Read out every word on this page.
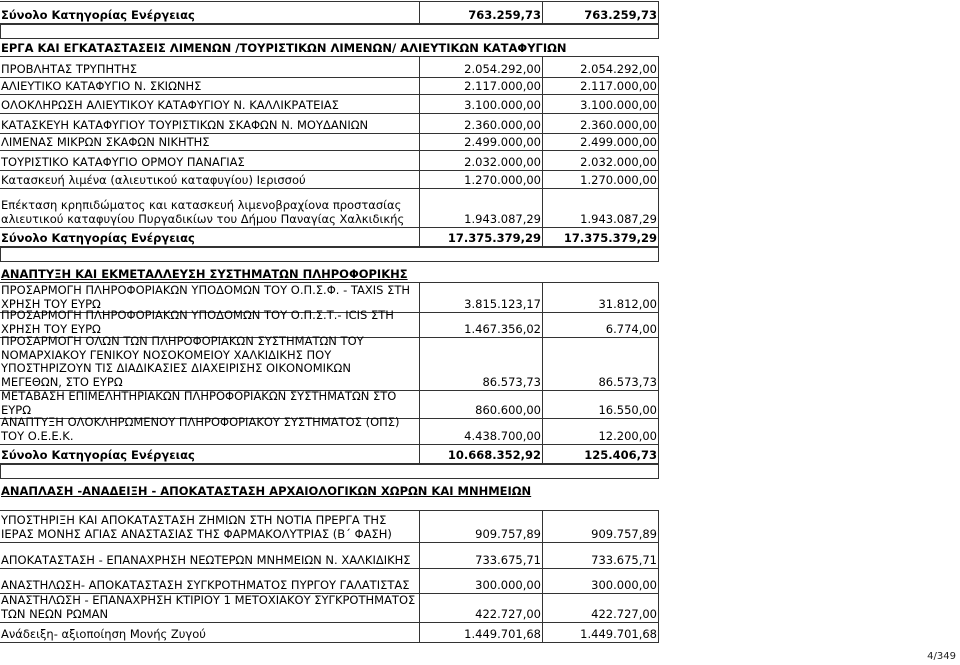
Σύνολο Κατηγορίας Ενέργειας	763.259,73	763.259,73
ΕΡΓΑ ΚΑΙ ΕΓΚΑΤΑΣΤΑΣΕΙΣ ΛΙΜΕΝΩΝ /ΤΟΥΡΙΣΤΙΚΩΝ ΛΙΜΕΝΩΝ/ ΑΛΙΕΥΤΙΚΩΝ ΚΑΤΑΦΥΓΙΩΝ
ΠΡΟΒΛΗΤΑΣ ΤΡΥΠΗΤΗΣ	2.054.292,00	2.054.292,00
ΑΛΙΕΥΤΙΚΟ ΚΑΤΑΦΥΓΙΟ Ν. ΣΚΙΩΝΗΣ	2.117.000,00	2.117.000,00
ΟΛΟΚΛΗΡΩΣΗ ΑΛΙΕΥΤΙΚΟΥ ΚΑΤΑΦΥΓΙΟΥ Ν. ΚΑΛΛΙΚΡΑΤΕΙΑΣ	3.100.000,00	3.100.000,00
ΚΑΤΑΣΚΕΥΗ ΚΑΤΑΦΥΓΙΟΥ ΤΟΥΡΙΣΤΙΚΩΝ ΣΚΑΦΩΝ Ν. ΜΟΥΔΑΝΙΩΝ	2.360.000,00	2.360.000,00
ΛΙΜΕΝΑΣ ΜΙΚΡΩΝ ΣΚΑΦΩΝ ΝΙΚΗΤΗΣ	2.499.000,00	2.499.000,00
ΤΟΥΡΙΣΤΙΚΟ ΚΑΤΑΦΥΓΙΟ ΟΡΜΟΥ ΠΑΝΑΓΙΑΣ	2.032.000,00	2.032.000,00
Κατασκευή λιμένα (αλιευτικού καταφυγίου) Ιερισσού	1.270.000,00	1.270.000,00
Επέκταση κρηπιδώματος και κατασκευή λιμενοβραχίονα προστασίας
αλιευτικού καταφυγίου Πυργαδικίων του Δήμου Παναγίας Χαλκιδικής	1.943.087,29	1.943.087,29
Σύνολο Κατηγορίας Ενέργειας	17.375.379,29 17.375.379,29
ΑΝΑΠΤΥΞΗ ΚΑΙ ΕΚΜΕΤΑΛΛΕΥΣΗ ΣΥΣΤΗΜΑΤΩΝ ΠΛΗΡΟΦΟΡΙΚΗΣ
ΠΡΟΣΑΡΜΟΓΗ ΠΛΗΡΟΦΟΡΙΑΚΩΝ ΥΠΟΔΟΜΩΝ ΤΟΥ Ο.Π.Σ.Φ. - TAXIS ΣΤΗ
ΧΡΗΣΗ ΤΟΥ ΕΥΡΩ	3.815.123,17	31.812,00
ΠΡΟΣΑΡΜΟΓΗ ΠΛΗΡΟΦΟΡΙΑΚΩΝ ΥΠΟΔΟΜΩΝ ΤΟΥ Ο.Π.Σ.Τ.- ICIS ΣΤΗ
ΧΡΗΣΗ ΤΟΥ ΕΥΡΩ	1.467.356,02	6.774,00
ΠΡΟΣΑΡΜΟΓΗ ΟΛΩΝ ΤΩΝ ΠΛΗΡΟΦΟΡΙΑΚΩΝ ΣΥΣΤΗΜΑΤΩΝ ΤΟΥ
ΝΟΜΑΡΧΙΑΚΟΥ ΓΕΝΙΚΟΥ ΝΟΣΟΚΟΜΕΙΟΥ ΧΑΛΚΙΔΙΚΗΣ ΠΟΥ
ΥΠΟΣΤΗΡΙΖΟΥΝ ΤΙΣ ΔΙΑΔΙΚΑΣΙΕΣ ΔΙΑΧΕΙΡΙΣΗΣ ΟΙΚΟΝΟΜΙΚΩΝ
ΜΕΓΕΘΩΝ, ΣΤΟ ΕΥΡΩ	86.573,73	86.573,73
ΜΕΤΑΒΑΣΗ ΕΠΙΜΕΛΗΤΗΡΙΑΚΩΝ ΠΛΗΡΟΦΟΡΙΑΚΩΝ ΣΥΣΤΗΜΑΤΩΝ ΣΤΟ
ΕΥΡΩ	860.600,00	16.550,00
ΑΝΑΠΤΥΞΗ ΟΛΟΚΛΗΡΩΜΕΝΟΥ ΠΛΗΡΟΦΟΡΙΑΚΟΥ ΣΥΣΤΗΜΑΤΟΣ (ΟΠΣ)
ΤΟΥ Ο.Ε.Ε.Κ.	4.438.700,00	12.200,00
Σύνολο Κατηγορίας Ενέργειας	10.668.352,92	125.406,73
ΑΝΑΠΛΑΣΗ -ΑΝΑΔΕΙΞΗ - ΑΠΟΚΑΤΑΣΤΑΣΗ ΑΡΧΑΙΟΛΟΓΙΚΩΝ ΧΩΡΩΝ ΚΑΙ ΜΝΗΜΕΙΩΝ
ΥΠΟΣΤΗΡΙΞΗ ΚΑΙ ΑΠΟΚΑΤΑΣΤΑΣΗ ΖΗΜΙΩΝ ΣΤΗ ΝΟΤΙΑ ΠΡΕΡΓΑ ΤΗΣ
ΙΕΡΑΣ ΜΟΝΗΣ ΑΓΙΑΣ ΑΝΑΣΤΑΣΙΑΣ ΤΗΣ ΦΑΡΜΑΚΟΛΥΤΡΙΑΣ (Β΄ ΦΑΣΗ)	909.757,89	909.757,89
ΑΠΟΚΑΤΑΣΤΑΣΗ - ΕΠΑΝΑΧΡΗΣΗ ΝΕΩΤΕΡΩΝ ΜΝΗΜΕΙΩΝ Ν. ΧΑΛΚΙΔΙΚΗΣ	733.675,71	733.675,71
ΑΝΑΣΤΗΛΩΣΗ- ΑΠΟΚΑΤΑΣΤΑΣΗ ΣΥΓΚΡΟΤΗΜΑΤΟΣ ΠΥΡΓΟΥ ΓΑΛΑΤΙΣΤΑΣ	300.000,00	300.000,00
ΑΝΑΣΤΗΛΩΣΗ - ΕΠΑΝΑΧΡΗΣΗ ΚΤΙΡΙΟΥ 1 ΜΕΤΟΧΙΑΚΟΥ ΣΥΓΚΡΟΤΗΜΑΤΟΣ
ΤΩΝ ΝΕΩΝ ΡΩΜΑΝ	422.727,00	422.727,00
Ανάδειξη- αξιοποίηση Μονής Ζυγού	1.449.701,68	1.449.701,68
4/349
